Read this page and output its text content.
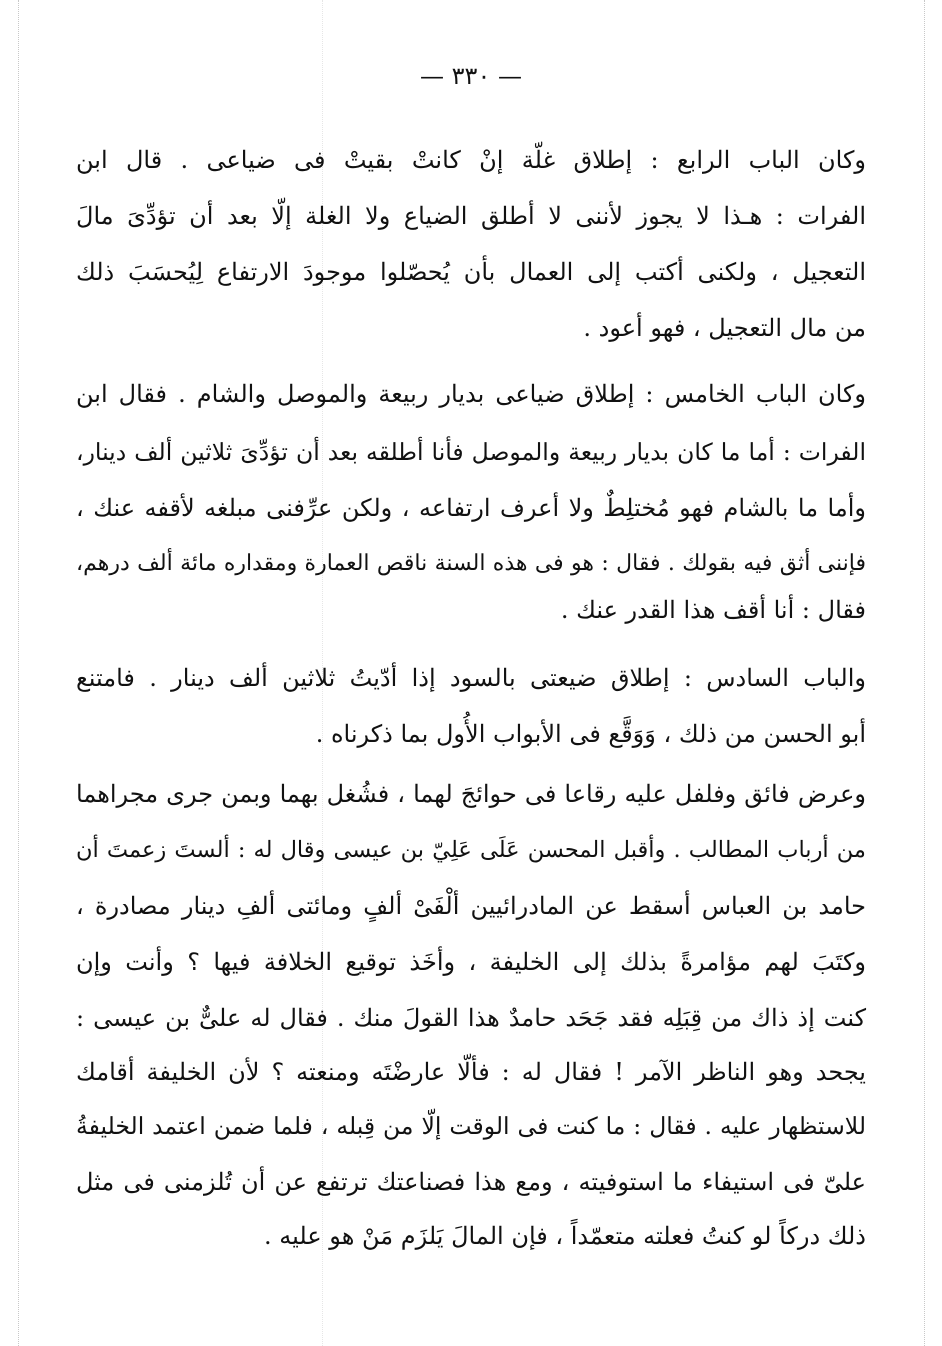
— ٣٣٠ —
وكان الباب الرابع : إطلاق غلّة إنْ كانتْ بقيتْ فى ضياعى . قال ابن
الفرات : هـذا لا يجوز لأننى لا أطلق الضياع ولا الغلة إلّا بعد أن تؤدِّىَ مالَ
التعجيل ، ولكنى أكتب إلى العمال بأن يُحصّلوا موجودَ الارتفاع لِيُحسَبَ ذلك
من مال التعجيل ، فهو أعود .
وكان الباب الخامس : إطلاق ضياعى بديار ربيعة والموصل والشام . فقال ابن
الفرات : أما ما كان بديار ربيعة والموصل فأنا أطلقه بعد أن تؤدِّىَ ثلاثين ألف دينار،
وأما ما بالشام فهو مُختلِطٌ ولا أعرف ارتفاعه ، ولكن عرِّفنى مبلغه لأقفه عنك ،
فإننى أثق فيه بقولك . فقال : هو فى هذه السنة ناقص العمارة ومقداره مائة ألف درهم،
فقال : أنا أقف هذا القدر عنك .
والباب السادس : إطلاق ضيعتى بالسود إذا أدّيتُ ثلاثين ألف دينار . فامتنع
أبو الحسن من ذلك ، وَوَقَّع فى الأبواب الأُول بما ذكرناه .
وعرض فائق وفلفل عليه رقاعا فى حوائجَ لهما ، فشُغل بهما وبمن جرى مجراهما
من أرباب المطالب . وأقبل المحسن عَلَى عَلِيّ بن عيسى وقال له : ألستَ زعمتَ أن
حامد بن العباس أسقط عن المادرائيين ألْفَىْ ألفٍ ومائتى ألفِ دينار مصادرة ،
وكتَبَ لهم مؤامرةً بذلك إلى الخليفة ، وأخَذ توقيع الخلافة فيها ؟ وأنت وإن
كنت إذ ذاك من قِبَلِه فقد جَحَد حامدٌ هذا القولَ منك . فقال له علىٌّ بن عيسى :
يجحد وهو الناظر الآمر ! فقال له : فألّا عارضْتَه ومنعته ؟ لأن الخليفة أقامك
للاستظهار عليه . فقال : ما كنت فى الوقت إلّا من قِبله ، فلما ضمن اعتمد الخليفةُ
علىّ فى استيفاء ما استوفيته ، ومع هذا فصناعتك ترتفع عن أن تُلزمنى فى مثل
ذلك دركاً لو كنتُ فعلته متعمّداً ، فإن المالَ يَلزَم مَنْ هو عليه .
